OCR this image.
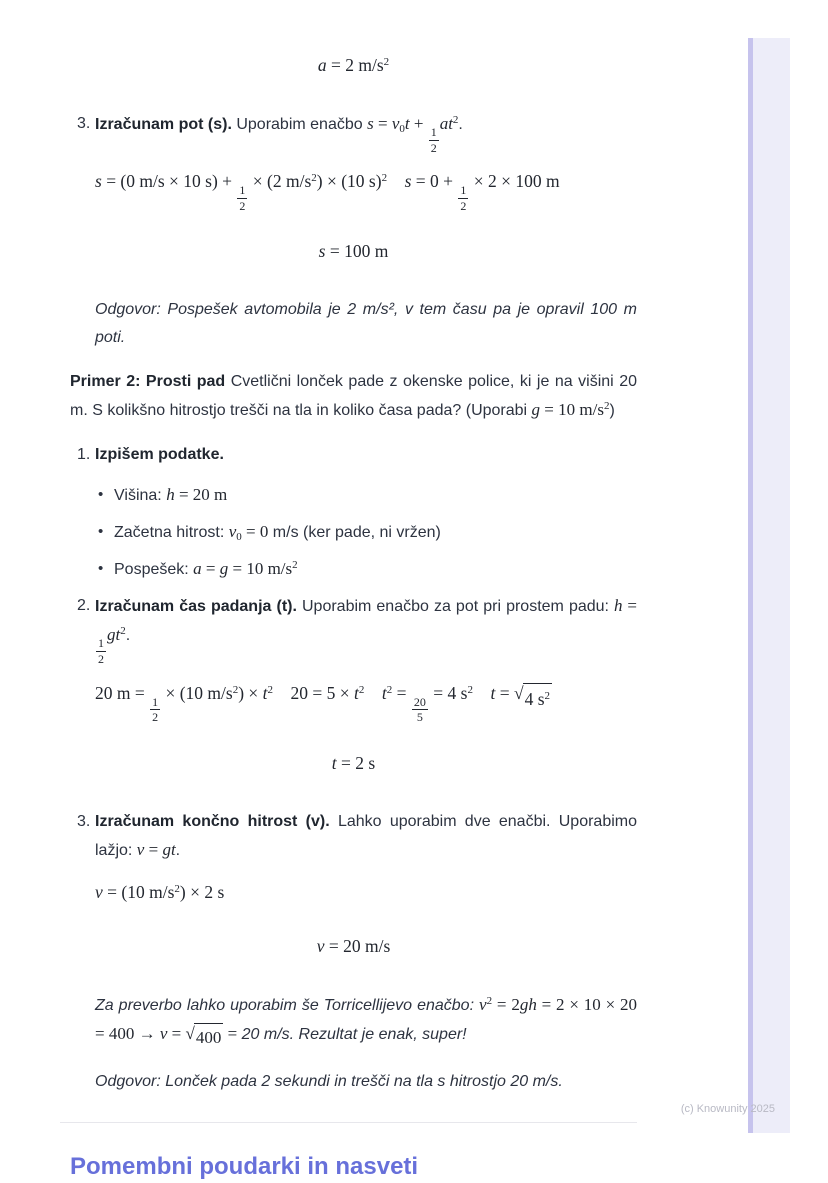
a = 2 $m/s^2$
3. Izračunam pot (s). Uporabim enačbo $s = v_0t$ +
$\frac{1}{2}$
$at^2$.
s = (0 m/s × 10 s) +
$\frac{1}{2}$
× (2 $m/s^2) \times (10$ s)$^2$  s = 0 +
$\frac{1}{2}$
× 2 × 100 m
s = 100 m

Odgovor: Pospešek avtomobila je 2 m/s², v tem času pa je opravil 100 m poti.

Primer 2: Prosti pad Cvetlični lonček pade z okenske police, ki je na višini 20 m. S kolikšno hitrostjo trešči na tla in koliko časa pada? (Uporabi g = 10 $m/s^2$)

1. Izpišem podatke.
• Višina: h = 20 m
• Začetna hitrost: $v_0 = 0$ m/s (ker pade, ni vržen)
• Pospešek: a = g = 10 $m/s^2$
2. Izračunam čas padanja (t). Uporabim enačbo za pot pri prostem padu: h =
$\frac{1}{2}$
$gt^2$.
20 m =
$\frac{1}{2}$
× (10 $m/s^2) \times t^2$ $20 = 5 \times t^2$  $t^2$ =
$\frac{20}{5}$
= 4 $s^2$  t = √ 4 $s^2$
t = 2 s
3. Izračunam končno hitrost (v). Lahko uporabim dve enačbi. Uporabimo lažjo: v = gt.
v = (10 $m/s^2) \times 2$ s
v = 20 m/s

Za preverbo lahko uporabim še Torricellijevo enačbo: $v^2 = 2gh = 2 \times 10 \times 20 = 400 \to v$ = √ 400 = 20 m/s. Rezultat je enak, super!

Odgovor: Lonček pada 2 sekundi in trešči na tla s hitrostjo 20 m/s.

Pomembni poudarki in nasveti
(c) Knowunity 2025
